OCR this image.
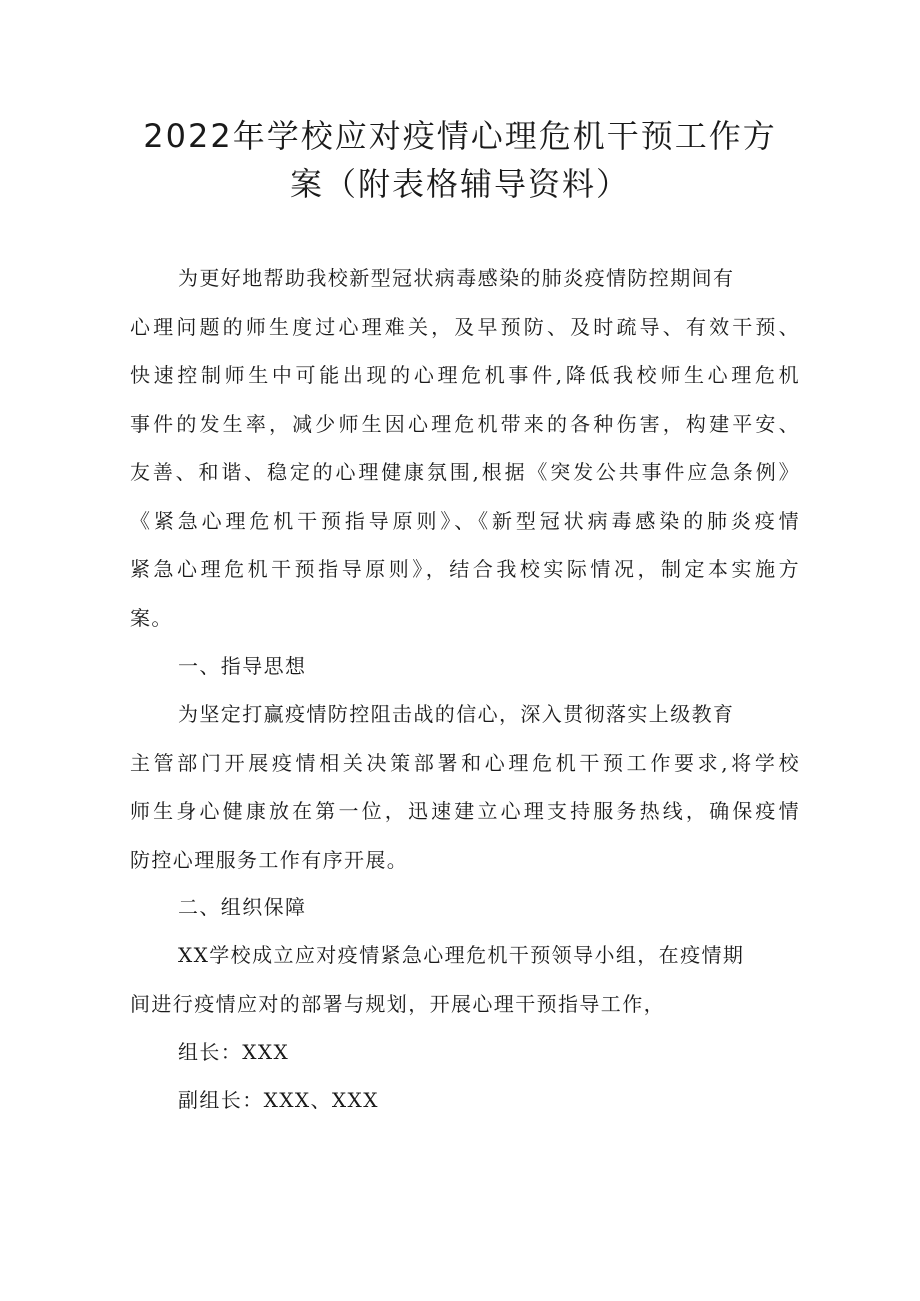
2022年学校应对疫情心理危机干预工作方
案（附表格辅导资料）
为更好地帮助我校新型冠状病毒感染的肺炎疫情防控期间有
心理问题的师生度过心理难关，及早预防、及时疏导、有效干预、
快速控制师生中可能出现的心理危机事件,降低我校师生心理危机
事件的发生率，减少师生因心理危机带来的各种伤害，构建平安、
友善、和谐、稳定的心理健康氛围,根据《突发公共事件应急条例》
《紧急心理危机干预指导原则》、《新型冠状病毒感染的肺炎疫情
紧急心理危机干预指导原则》，结合我校实际情况，制定本实施方
案。

一、指导思想

为坚定打赢疫情防控阻击战的信心，深入贯彻落实上级教育
主管部门开展疫情相关决策部署和心理危机干预工作要求,将学校
师生身心健康放在第一位，迅速建立心理支持服务热线，确保疫情
防控心理服务工作有序开展。

二、组织保障

XX学校成立应对疫情紧急心理危机干预领导小组，在疫情期
间进行疫情应对的部署与规划，开展心理干预指导工作，

组长：XXX

副组长：XXX、XXX
